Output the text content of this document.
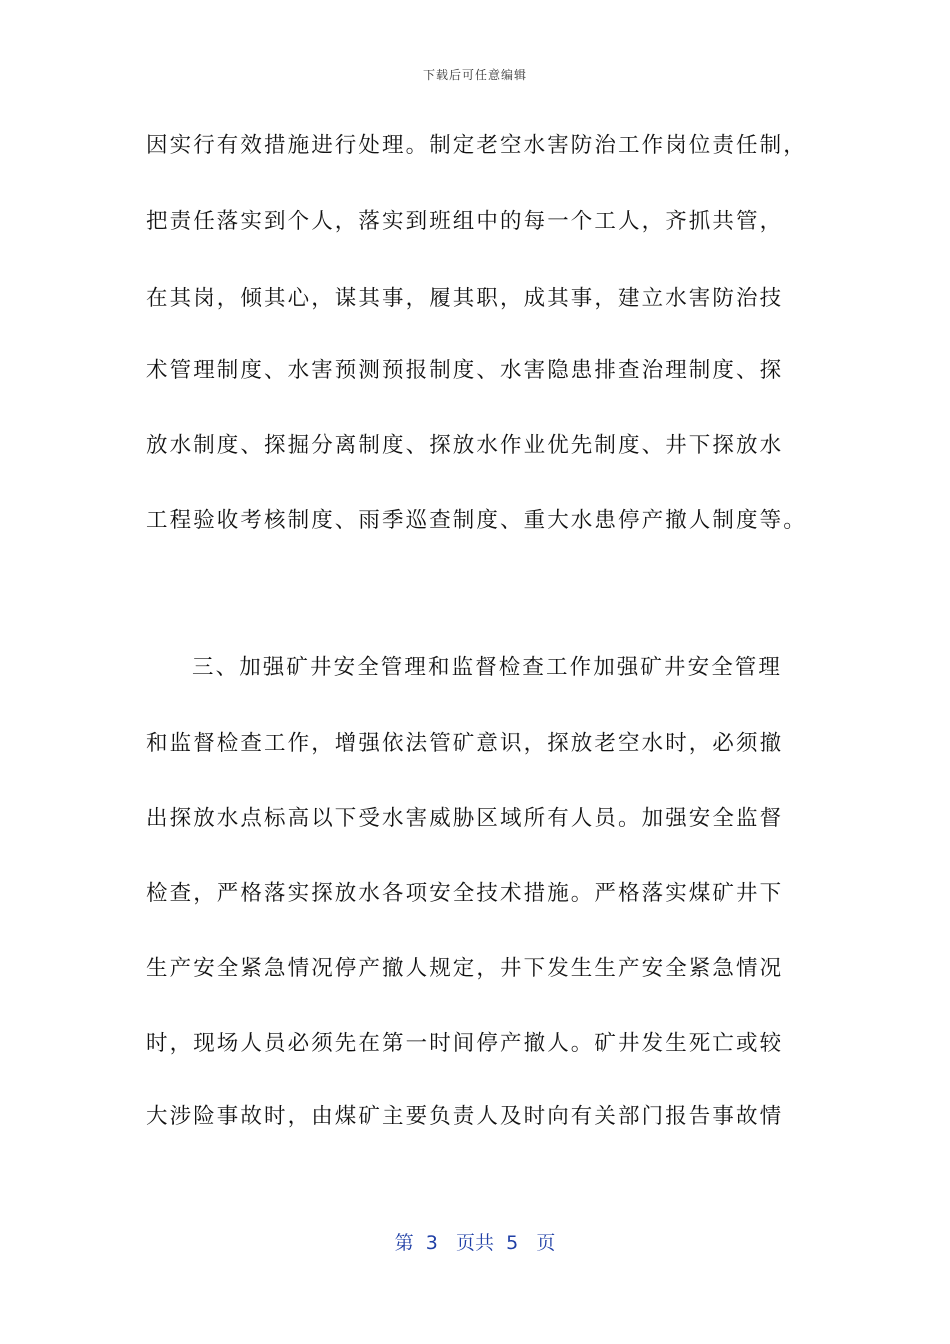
下载后可任意编辑
因实行有效措施进行处理。制定老空水害防治工作岗位责任制，
把责任落实到个人，落实到班组中的每一个工人，齐抓共管，
在其岗，倾其心，谋其事，履其职，成其事，建立水害防治技
术管理制度、水害预测预报制度、水害隐患排查治理制度、探
放水制度、探掘分离制度、探放水作业优先制度、井下探放水
工程验收考核制度、雨季巡查制度、重大水患停产撤人制度等。
三、加强矿井安全管理和监督检查工作加强矿井安全管理
和监督检查工作，增强依法管矿意识，探放老空水时，必须撤
出探放水点标高以下受水害威胁区域所有人员。加强安全监督
检查，严格落实探放水各项安全技术措施。严格落实煤矿井下
生产安全紧急情况停产撤人规定，井下发生生产安全紧急情况
时，现场人员必须先在第一时间停产撤人。矿井发生死亡或较
大涉险事故时，由煤矿主要负责人及时向有关部门报告事故情
第 3 页共 5 页
